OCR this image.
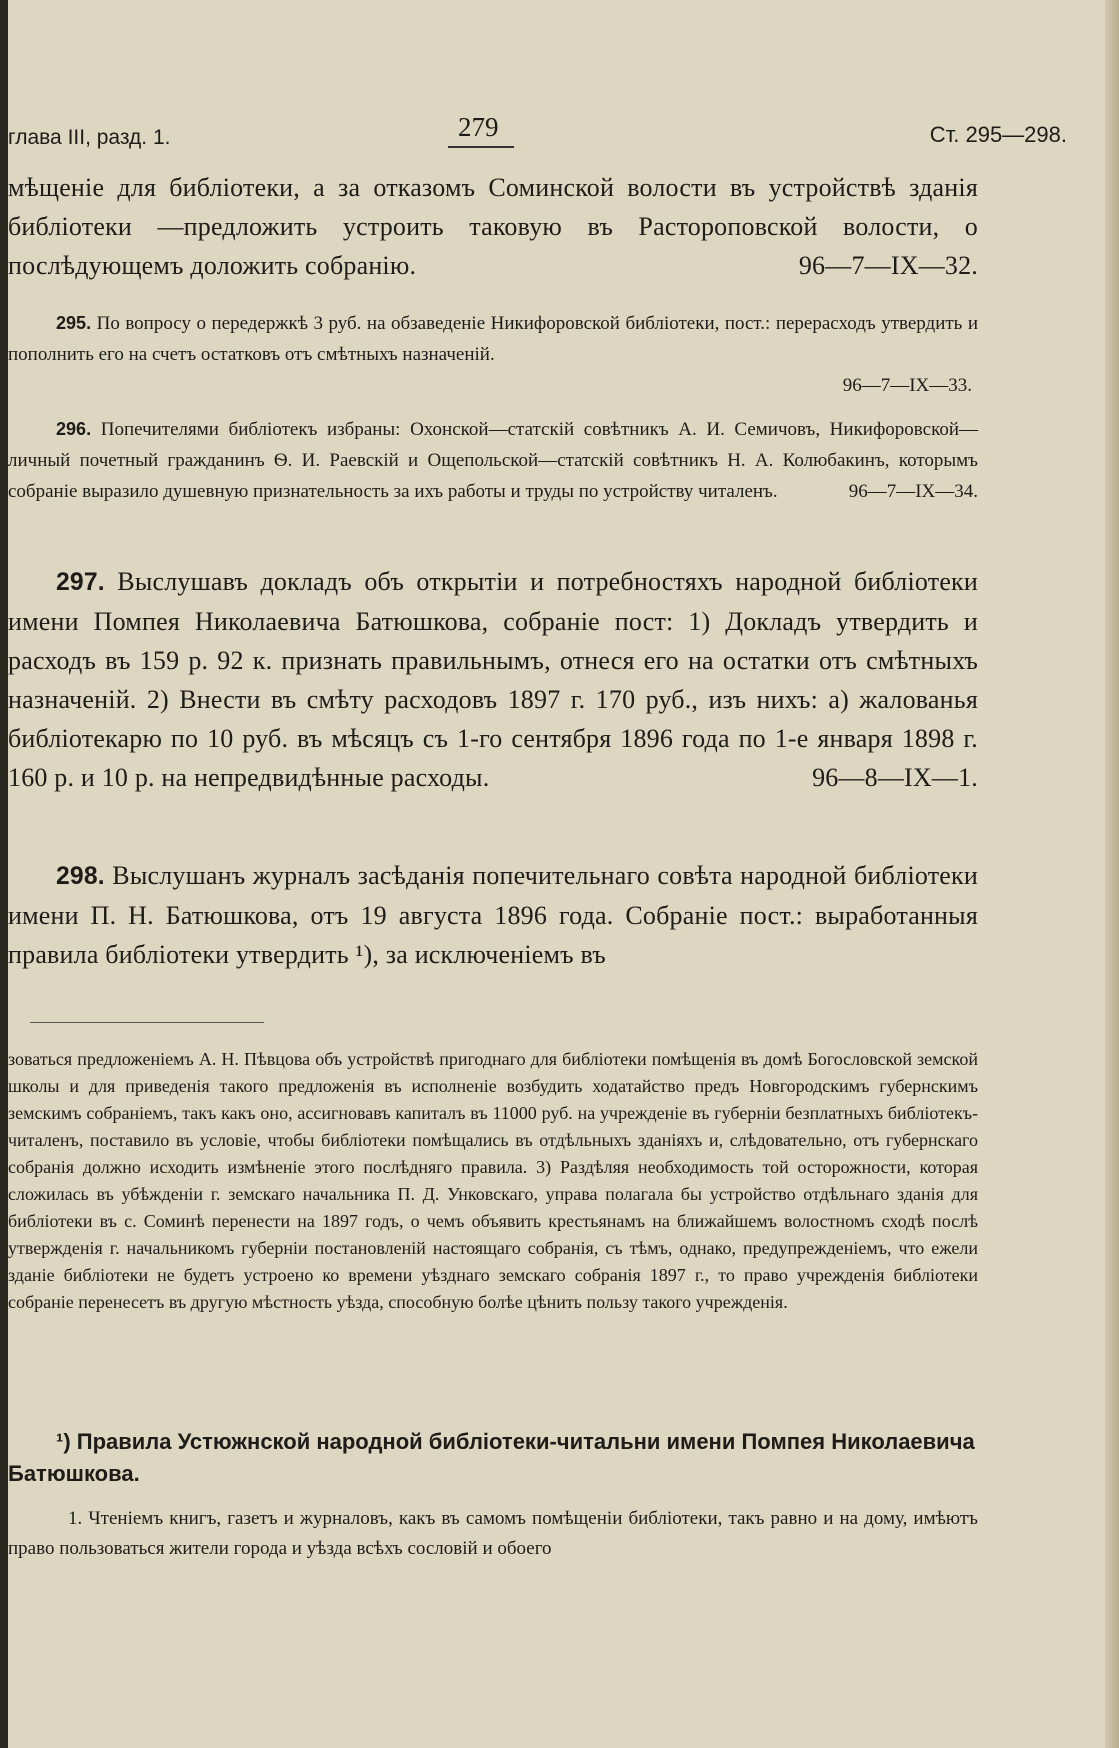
глава III, разд. 1.	279	Ст. 295—298.

мѣщеніе для библіотеки, а за отказомъ Соминской волости въ устройствѣ зданія библіотеки —предложить устроить таковую въ Растороповской волости, о послѣдующемъ доложить собранію.	96—7—IX—32.

295. По вопросу о передержкѣ 3 руб. на обзаведеніе Никифоровской библіотеки, пост.: перерасходъ утвердить и пополнить его на счетъ остатковъ отъ смѣтныхъ назначеній.

96—7—IX—33.

296. Попечителями библіотекъ избраны: Охонской—статскій совѣтникъ А. И. Семичовъ, Никифоровской—личный почетный гражданинъ Ѳ. И. Раевскій и Ощепольской—статскій совѣтникъ Н. А. Колюбакинъ, которымъ собраніе выразило душевную признательность за ихъ работы и труды по устройству читаленъ.	96—7—IX—34.

297. Выслушавъ докладъ объ открытіи и потребностяхъ народной библіотеки имени Помпея Николаевича Батюшкова, собраніе пост: 1) Докладъ утвердить и расходъ въ 159 р. 92 к. признать правильнымъ, отнеся его на остатки отъ смѣтныхъ назначеній. 2) Внести въ смѣту расходовъ 1897 г. 170 руб., изъ нихъ: а) жалованья библіотекарю по 10 руб. въ мѣсяцъ съ 1-го сентября 1896 года по 1-е января 1898 г. 160 р. и 10 р. на непредвидѣнные расходы.	96—8—IX—1.

298. Выслушанъ журналъ засѣданія попечительнаго совѣта народной библіотеки имени П. Н. Батюшкова, отъ 19 августа 1896 года. Собраніе пост.: выработанныя правила библіотеки утвердить ¹), за исключеніемъ въ

зоваться предложеніемъ А. Н. Пѣвцова объ устройствѣ пригоднаго для библіотеки помѣщенія въ домѣ Богословской земской школы и для приведенія такого предложенія въ исполненіе возбудить ходатайство предъ Новгородскимъ губернскимъ земскимъ собраніемъ, такъ какъ оно, ассигновавъ капиталъ въ 11000 руб. на учрежденіе въ губерніи безплатныхъ библіотекъ-читаленъ, поставило въ условіе, чтобы библіотеки помѣщались въ отдѣльныхъ зданіяхъ и, слѣдовательно, отъ губернскаго собранія должно исходить измѣненіе этого послѣдняго правила. 3) Раздѣляя необходимость той осторожности, которая сложилась въ убѣжденіи г. земскаго начальника П. Д. Унковскаго, управа полагала бы устройство отдѣльнаго зданія для библіотеки въ с. Соминѣ перенести на 1897 годъ, о чемъ объявить крестьянамъ на ближайшемъ волостномъ сходѣ послѣ утвержденія г. начальникомъ губерніи постановленій настоящаго собранія, съ тѣмъ, однако, предупрежденіемъ, что ежели зданіе библіотеки не будетъ устроено ко времени уѣзднаго земскаго собранія 1897 г., то право учрежденія библіотеки собраніе перенесетъ въ другую мѣстность уѣзда, способную болѣе цѣнить пользу такого учрежденія.

¹) Правила Устюжнской народной библіотеки-читальни имени Помпея Николаевича Батюшкова.

1. Чтеніемъ книгъ, газетъ и журналовъ, какъ въ самомъ помѣщеніи библіотеки, такъ равно и на дому, имѣютъ право пользоваться жители города и уѣзда всѣхъ сословій и обоего
